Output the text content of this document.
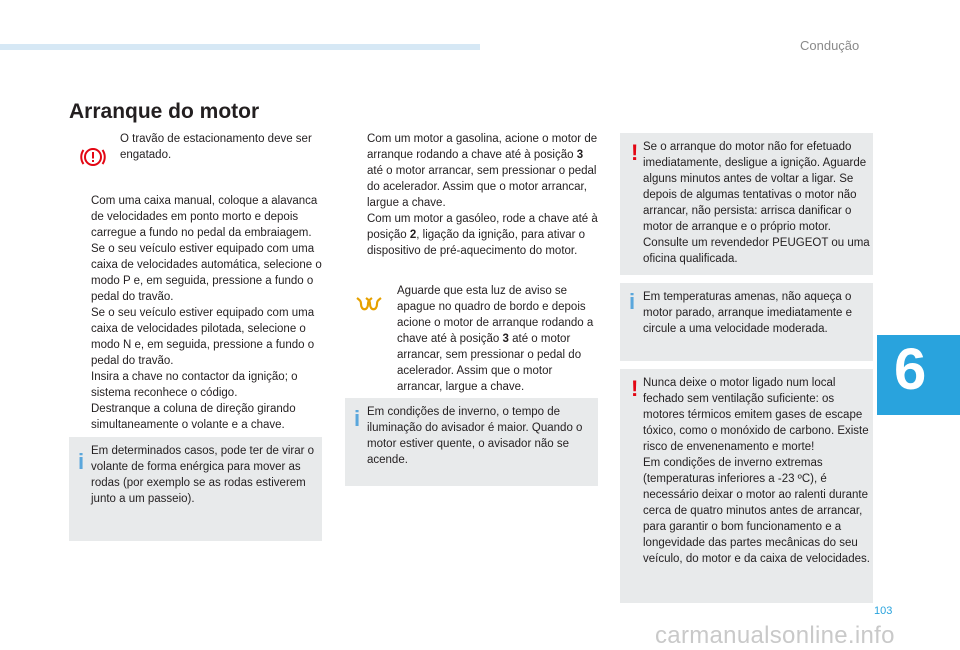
Condução
6
Arranque do motor
O travão de estacionamento deve ser engatado.
Com uma caixa manual, coloque a alavanca de velocidades em ponto morto e depois carregue a fundo no pedal da embraiagem.
Se o seu veículo estiver equipado com uma caixa de velocidades automática, selecione o modo P e, em seguida, pressione a fundo o pedal do travão.
Se o seu veículo estiver equipado com uma caixa de velocidades pilotada, selecione o modo N e, em seguida, pressione a fundo o pedal do travão.
Insira a chave no contactor da ignição; o sistema reconhece o código.
Destranque a coluna de direção girando simultaneamente o volante e a chave.
i Em determinados casos, pode ter de virar o volante de forma enérgica para mover as rodas (por exemplo se as rodas estiverem junto a um passeio).
Com um motor a gasolina, acione o motor de arranque rodando a chave até à posição 3 até o motor arrancar, sem pressionar o pedal do acelerador. Assim que o motor arrancar, largue a chave.
Com um motor a gasóleo, rode a chave até à posição 2, ligação da ignição, para ativar o dispositivo de pré-aquecimento do motor.
Aguarde que esta luz de aviso se apague no quadro de bordo e depois acione o motor de arranque rodando a chave até à posição 3 até o motor arrancar, sem pressionar o pedal do acelerador. Assim que o motor arrancar, largue a chave.
i Em condições de inverno, o tempo de iluminação do avisador é maior. Quando o motor estiver quente, o avisador não se acende.
! Se o arranque do motor não for efetuado imediatamente, desligue a ignição. Aguarde alguns minutos antes de voltar a ligar. Se depois de algumas tentativas o motor não arrancar, não persista: arrisca danificar o motor de arranque e o próprio motor. Consulte um revendedor PEUGEOT ou uma oficina qualificada.
i Em temperaturas amenas, não aqueça o motor parado, arranque imediatamente e circule a uma velocidade moderada.
! Nunca deixe o motor ligado num local fechado sem ventilação suficiente: os motores térmicos emitem gases de escape tóxico, como o monóxido de carbono. Existe risco de envenenamento e morte!
Em condições de inverno extremas (temperaturas inferiores a -23 ºC), é necessário deixar o motor ao ralenti durante cerca de quatro minutos antes de arrancar, para garantir o bom funcionamento e a longevidade das partes mecânicas do seu veículo, do motor e da caixa de velocidades.
103
carmanualsonline.info
